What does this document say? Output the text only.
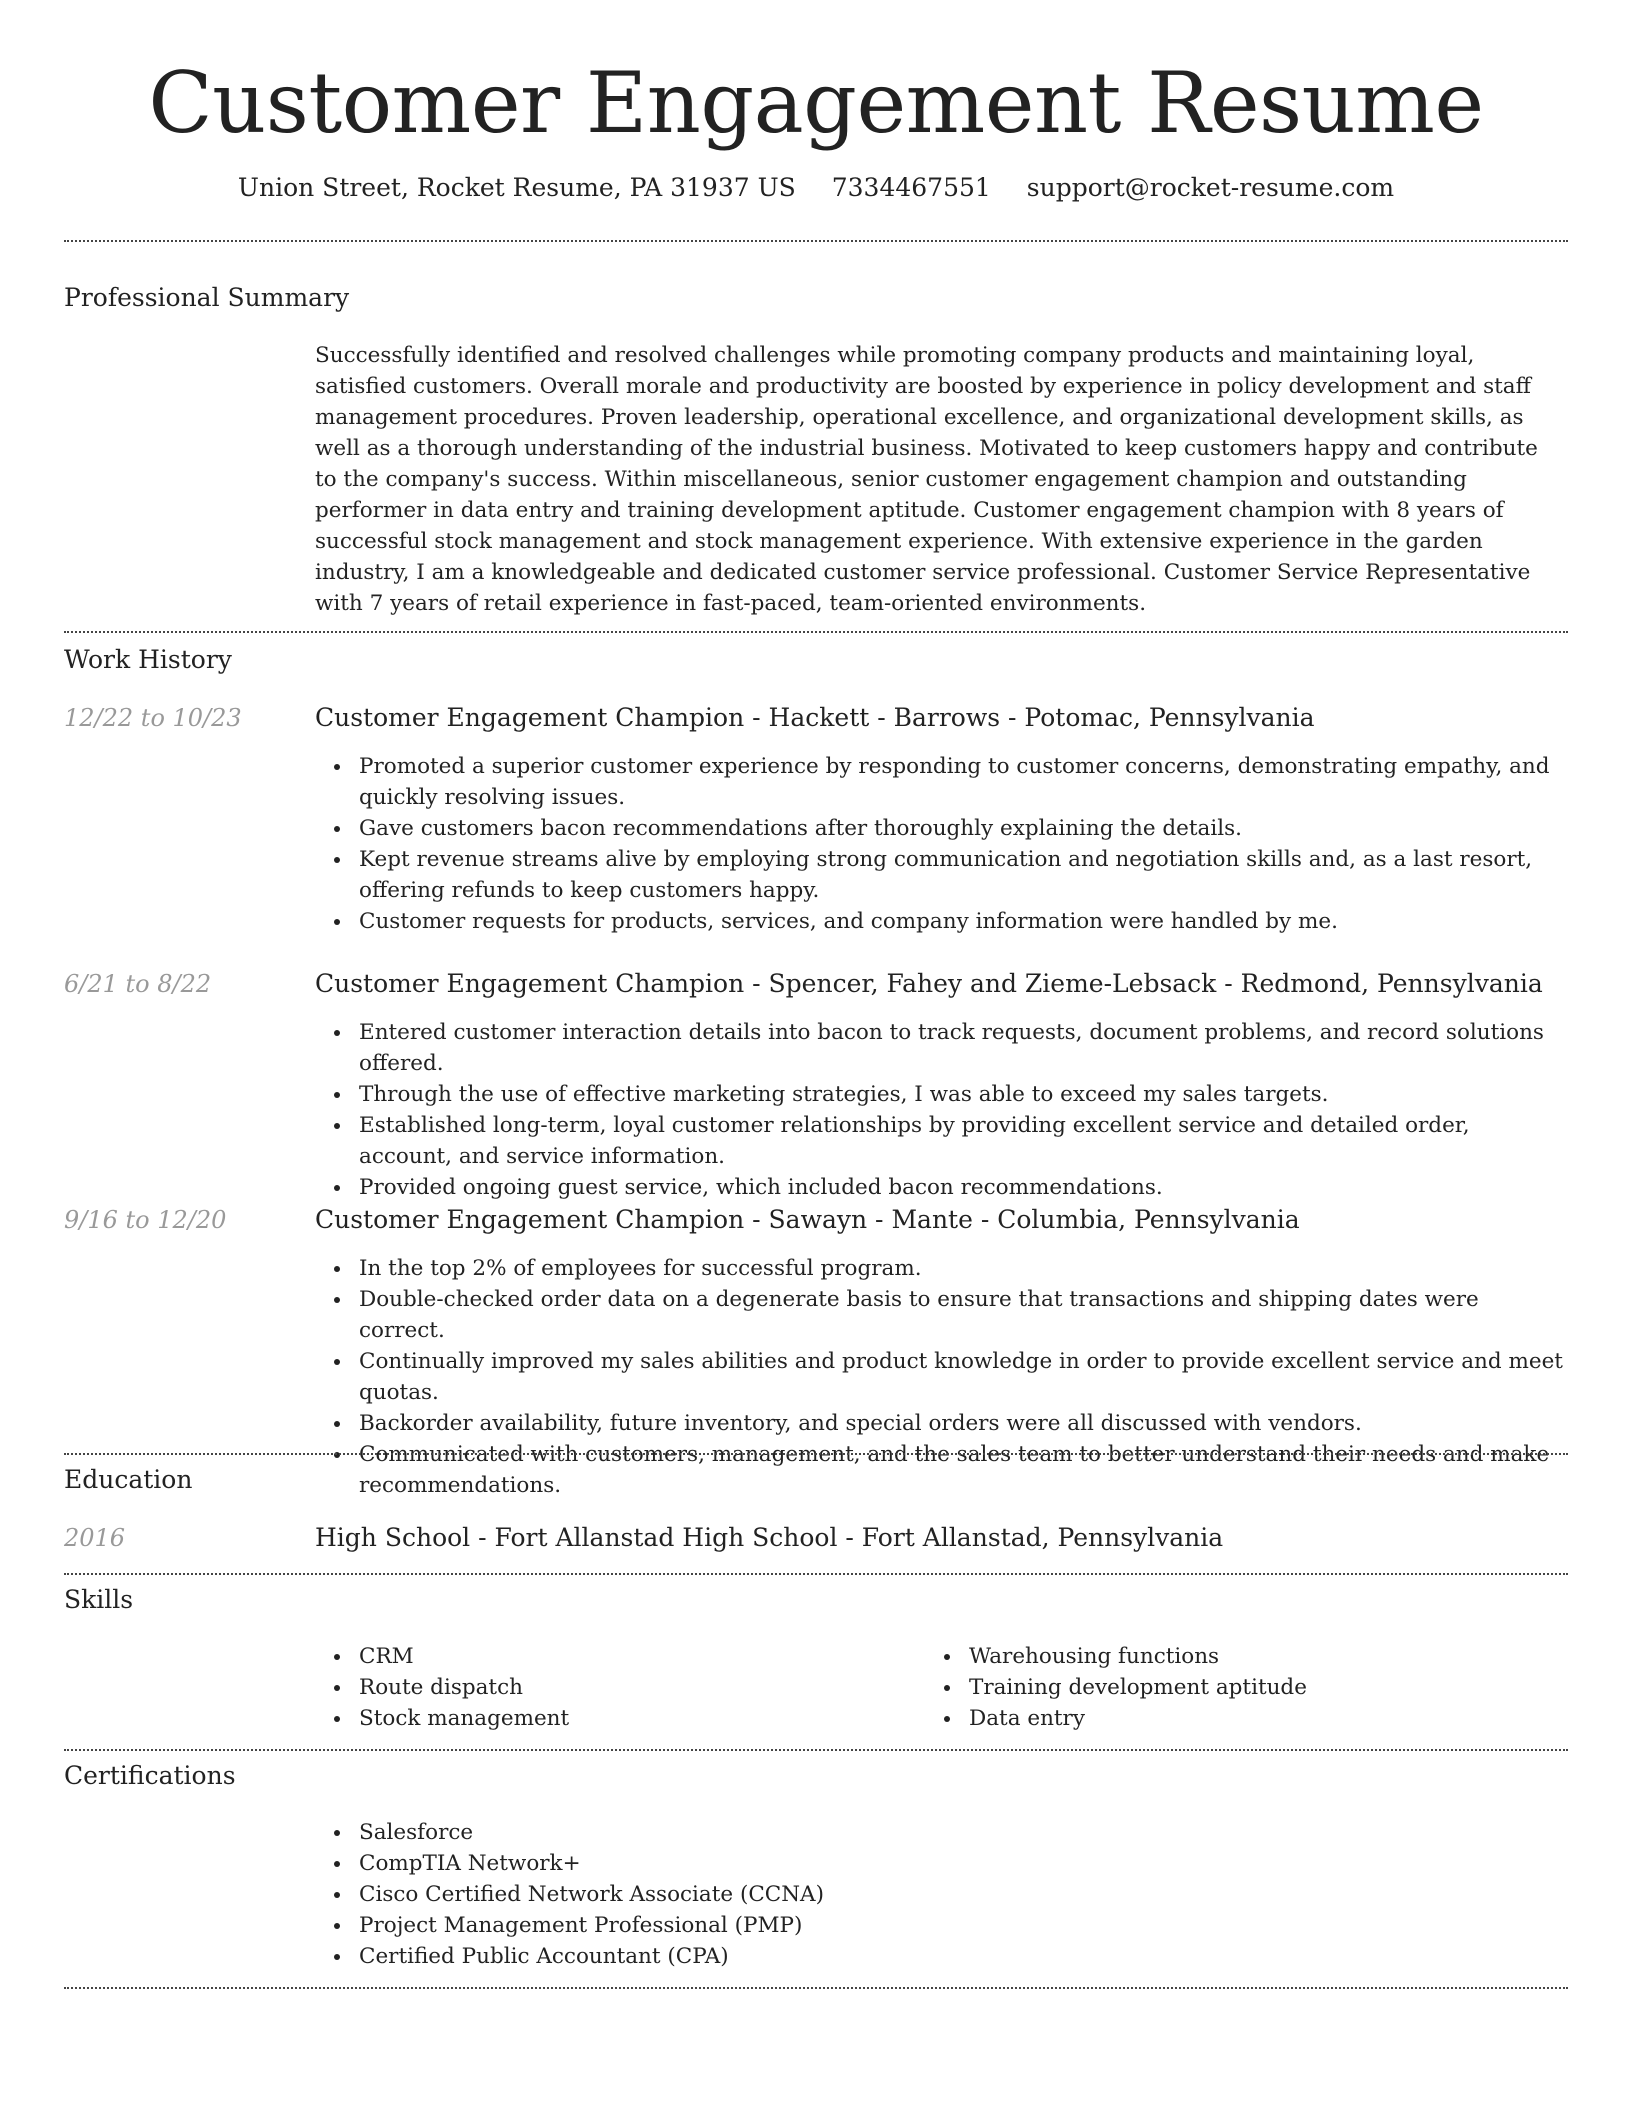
Customer Engagement Resume
Union Street, Rocket Resume, PA 31937 US 7334467551 support@rocket-resume.com
Professional Summary
Successfully identified and resolved challenges while promoting company products and maintaining loyal, satisfied customers. Overall morale and productivity are boosted by experience in policy development and staff management procedures. Proven leadership, operational excellence, and organizational development skills, as well as a thorough understanding of the industrial business. Motivated to keep customers happy and contribute to the company's success. Within miscellaneous, senior customer engagement champion and outstanding performer in data entry and training development aptitude. Customer engagement champion with 8 years of successful stock management and stock management experience. With extensive experience in the garden industry, I am a knowledgeable and dedicated customer service professional. Customer Service Representative with 7 years of retail experience in fast-paced, team-oriented environments.
Work History
12/22 to 10/23	Customer Engagement Champion - Hackett - Barrows - Potomac, Pennsylvania
Promoted a superior customer experience by responding to customer concerns, demonstrating empathy, and quickly resolving issues.
Gave customers bacon recommendations after thoroughly explaining the details.
Kept revenue streams alive by employing strong communication and negotiation skills and, as a last resort, offering refunds to keep customers happy.
Customer requests for products, services, and company information were handled by me.
6/21 to 8/22	Customer Engagement Champion - Spencer, Fahey and Zieme-Lebsack - Redmond, Pennsylvania
Entered customer interaction details into bacon to track requests, document problems, and record solutions offered.
Through the use of effective marketing strategies, I was able to exceed my sales targets.
Established long-term, loyal customer relationships by providing excellent service and detailed order, account, and service information.
Provided ongoing guest service, which included bacon recommendations.
9/16 to 12/20	Customer Engagement Champion - Sawayn - Mante - Columbia, Pennsylvania
In the top 2% of employees for successful program.
Double-checked order data on a degenerate basis to ensure that transactions and shipping dates were correct.
Continually improved my sales abilities and product knowledge in order to provide excellent service and meet quotas.
Backorder availability, future inventory, and special orders were all discussed with vendors.
Communicated with customers, management, and the sales team to better understand their needs and make recommendations.
Education
2016	High School - Fort Allanstad High School - Fort Allanstad, Pennsylvania
Skills
CRM
Route dispatch
Stock management
Warehousing functions
Training development aptitude
Data entry
Certifications
Salesforce
CompTIA Network+
Cisco Certified Network Associate (CCNA)
Project Management Professional (PMP)
Certified Public Accountant (CPA)
